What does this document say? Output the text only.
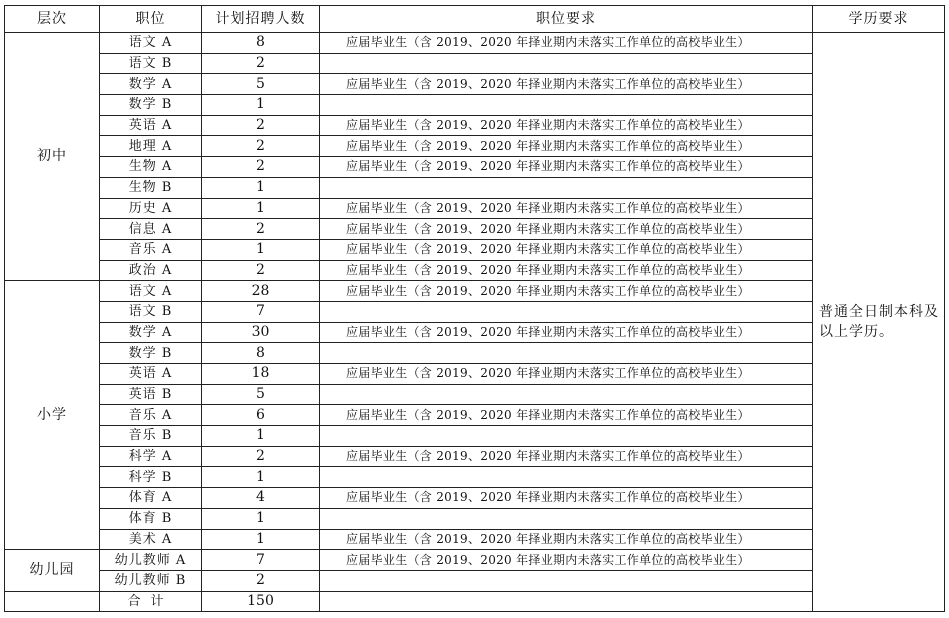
层次	职位	计划招聘人数	职位要求	学历要求
初中	语文 A	8	应届毕业生（含 2019、2020 年择业期内未落实工作单位的高校毕业生）	普通全日制本科及以上学历。
	语文 B	2		
	数学 A	5	应届毕业生（含 2019、2020 年择业期内未落实工作单位的高校毕业生）	
	数学 B	1		
	英语 A	2	应届毕业生（含 2019、2020 年择业期内未落实工作单位的高校毕业生）	
	地理 A	2	应届毕业生（含 2019、2020 年择业期内未落实工作单位的高校毕业生）	
	生物 A	2	应届毕业生（含 2019、2020 年择业期内未落实工作单位的高校毕业生）	
	生物 B	1		
	历史 A	1	应届毕业生（含 2019、2020 年择业期内未落实工作单位的高校毕业生）	
	信息 A	2	应届毕业生（含 2019、2020 年择业期内未落实工作单位的高校毕业生）	
	音乐 A	1	应届毕业生（含 2019、2020 年择业期内未落实工作单位的高校毕业生）	
	政治 A	2	应届毕业生（含 2019、2020 年择业期内未落实工作单位的高校毕业生）	
小学	语文 A	28	应届毕业生（含 2019、2020 年择业期内未落实工作单位的高校毕业生）	
	语文 B	7		
	数学 A	30	应届毕业生（含 2019、2020 年择业期内未落实工作单位的高校毕业生）	
	数学 B	8		
	英语 A	18	应届毕业生（含 2019、2020 年择业期内未落实工作单位的高校毕业生）	
	英语 B	5		
	音乐 A	6	应届毕业生（含 2019、2020 年择业期内未落实工作单位的高校毕业生）	
	音乐 B	1		
	科学 A	2	应届毕业生（含 2019、2020 年择业期内未落实工作单位的高校毕业生）	
	科学 B	1		
	体育 A	4	应届毕业生（含 2019、2020 年择业期内未落实工作单位的高校毕业生）	
	体育 B	1		
	美术 A	1	应届毕业生（含 2019、2020 年择业期内未落实工作单位的高校毕业生）	
幼儿园	幼儿教师 A	7	应届毕业生（含 2019、2020 年择业期内未落实工作单位的高校毕业生）	
	幼儿教师 B	2		
	合计	150		
